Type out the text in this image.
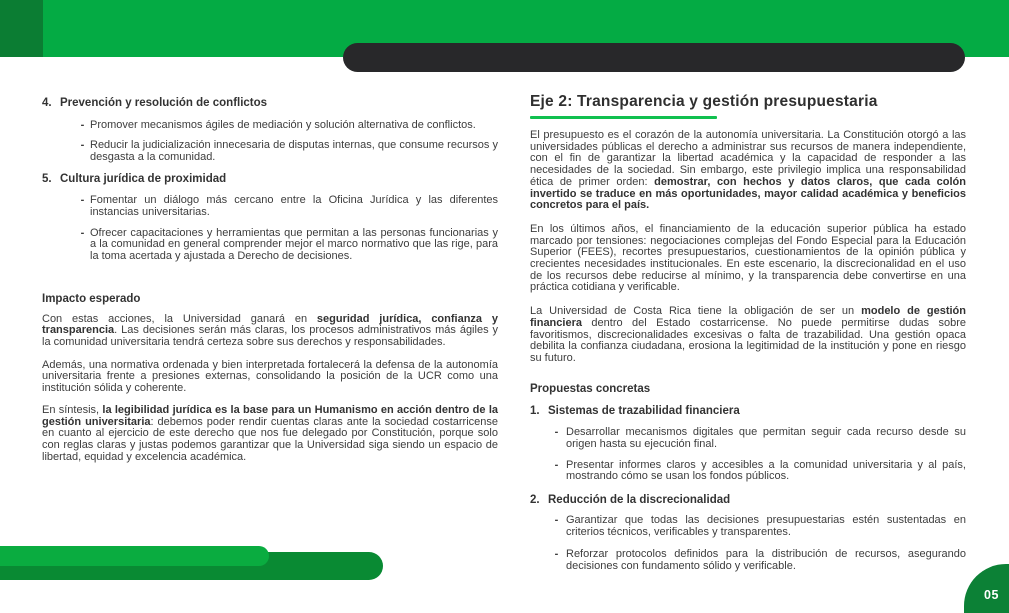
4. Prevención y resolución de conflictos
- Promover mecanismos ágiles de mediación y solución alternativa de conflictos.
- Reducir la judicialización innecesaria de disputas internas, que consume recursos y desgasta a la comunidad.
5. Cultura jurídica de proximidad
- Fomentar un diálogo más cercano entre la Oficina Jurídica y las diferentes instancias universitarias.
- Ofrecer capacitaciones y herramientas que permitan a las personas funcionarias y a la comunidad en general comprender mejor el marco normativo que las rige, para la toma acertada y ajustada a Derecho de decisiones.
Impacto esperado

Con estas acciones, la Universidad ganará en seguridad jurídica, confianza y transparencia. Las decisiones serán más claras, los procesos administrativos más ágiles y la comunidad universitaria tendrá certeza sobre sus derechos y responsabilidades.

Además, una normativa ordenada y bien interpretada fortalecerá la defensa de la autonomía universitaria frente a presiones externas, consolidando la posición de la UCR como una institución sólida y coherente.

En síntesis, la legibilidad jurídica es la base para un Humanismo en acción dentro de la gestión universitaria: debemos poder rendir cuentas claras ante la sociedad costarricense en cuanto al ejercicio de este derecho que nos fue delegado por Constitución, porque solo con reglas claras y justas podemos garantizar que la Universidad siga siendo un espacio de libertad, equidad y excelencia académica.

Eje 2: Transparencia y gestión presupuestaria

El presupuesto es el corazón de la autonomía universitaria. La Constitución otorgó a las universidades públicas el derecho a administrar sus recursos de manera independiente, con el fin de garantizar la libertad académica y la capacidad de responder a las necesidades de la sociedad. Sin embargo, este privilegio implica una responsabilidad ética de primer orden: demostrar, con hechos y datos claros, que cada colón invertido se traduce en más oportunidades, mayor calidad académica y beneficios concretos para el país.

En los últimos años, el financiamiento de la educación superior pública ha estado marcado por tensiones: negociaciones complejas del Fondo Especial para la Educación Superior (FEES), recortes presupuestarios, cuestionamientos de la opinión pública y crecientes necesidades institucionales. En este escenario, la discrecionalidad en el uso de los recursos debe reducirse al mínimo, y la transparencia debe convertirse en una práctica cotidiana y verificable.

La Universidad de Costa Rica tiene la obligación de ser un modelo de gestión financiera dentro del Estado costarricense. No puede permitirse dudas sobre favoritismos, discrecionalidades excesivas o falta de trazabilidad. Una gestión opaca debilita la confianza ciudadana, erosiona la legitimidad de la institución y pone en riesgo su futuro.

Propuestas concretas
1. Sistemas de trazabilidad financiera
- Desarrollar mecanismos digitales que permitan seguir cada recurso desde su origen hasta su ejecución final.
- Presentar informes claros y accesibles a la comunidad universitaria y al país, mostrando cómo se usan los fondos públicos.
2. Reducción de la discrecionalidad
- Garantizar que todas las decisiones presupuestarias estén sustentadas en criterios técnicos, verificables y transparentes.
- Reforzar protocolos definidos para la distribución de recursos, asegurando decisiones con fundamento sólido y verificable.
05
